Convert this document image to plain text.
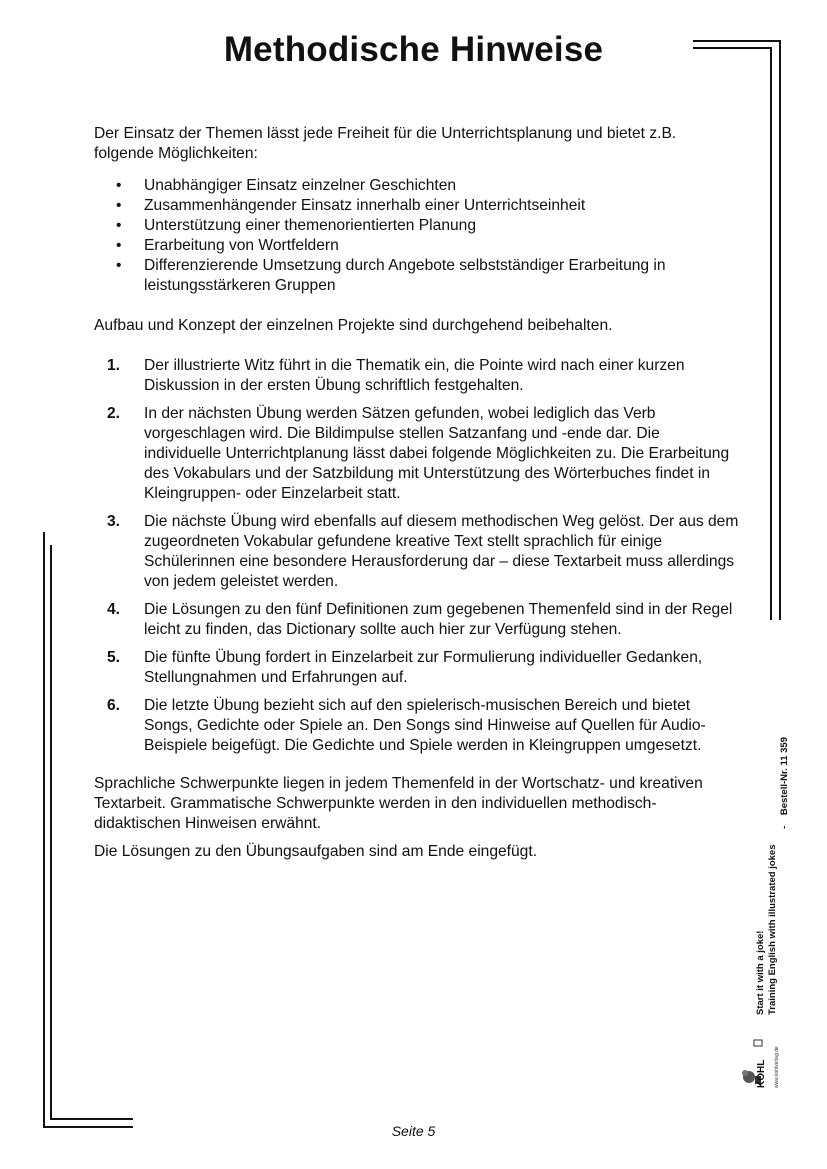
Methodische Hinweise

Der Einsatz der Themen lässt jede Freiheit für die Unterrichtsplanung und bietet z.B. folgende Möglichkeiten:

• Unabhängiger Einsatz einzelner Geschichten
• Zusammenhängender Einsatz innerhalb einer Unterrichtseinheit
• Unterstützung einer themenorientierten Planung
• Erarbeitung von Wortfeldern
• Differenzierende Umsetzung durch Angebote selbstständiger Erarbeitung in leistungsstärkeren Gruppen

Aufbau und Konzept der einzelnen Projekte sind durchgehend beibehalten.

1. Der illustrierte Witz führt in die Thematik ein, die Pointe wird nach einer kurzen Diskussion in der ersten Übung schriftlich festgehalten.
2. In der nächsten Übung werden Sätzen gefunden, wobei lediglich das Verb vorgeschlagen wird. Die Bildimpulse stellen Satzanfang und -ende dar. Die individuelle Unterrichtplanung lässt dabei folgende Möglichkeiten zu. Die Erarbeitung des Vokabulars und der Satzbildung mit Unterstützung des Wörterbuches findet in Kleingruppen- oder Einzelarbeit statt.
3. Die nächste Übung wird ebenfalls auf diesem methodischen Weg gelöst. Der aus dem zugeordneten Vokabular gefundene kreative Text stellt sprachlich für einige Schülerinnen eine besondere Herausforderung dar – diese Textarbeit muss allerdings von jedem geleistet werden.
4. Die Lösungen zu den fünf Definitionen zum gegebenen Themenfeld sind in der Regel leicht zu finden, das Dictionary sollte auch hier zur Verfügung stehen.
5. Die fünfte Übung fordert in Einzelarbeit zur Formulierung individueller Gedanken, Stellungnahmen und Erfahrungen auf.
6. Die letzte Übung bezieht sich auf den spielerisch-musischen Bereich und bietet Songs, Gedichte oder Spiele an. Den Songs sind Hinweise auf Quellen für Audio-Beispiele beigefügt. Die Gedichte und Spiele werden in Kleingruppen umgesetzt.

Sprachliche Schwerpunkte liegen in jedem Themenfeld in der Wortschatz- und kreativen Textarbeit. Grammatische Schwerpunkte werden in den individuellen methodisch-didaktischen Hinweisen erwähnt.

Die Lösungen zu den Übungsaufgaben sind am Ende eingefügt.

Start it with a joke! Training English with illustrated jokes
-    Bestell-Nr. 11 359
KOHL www.kohlverlag.de
Seite 5
